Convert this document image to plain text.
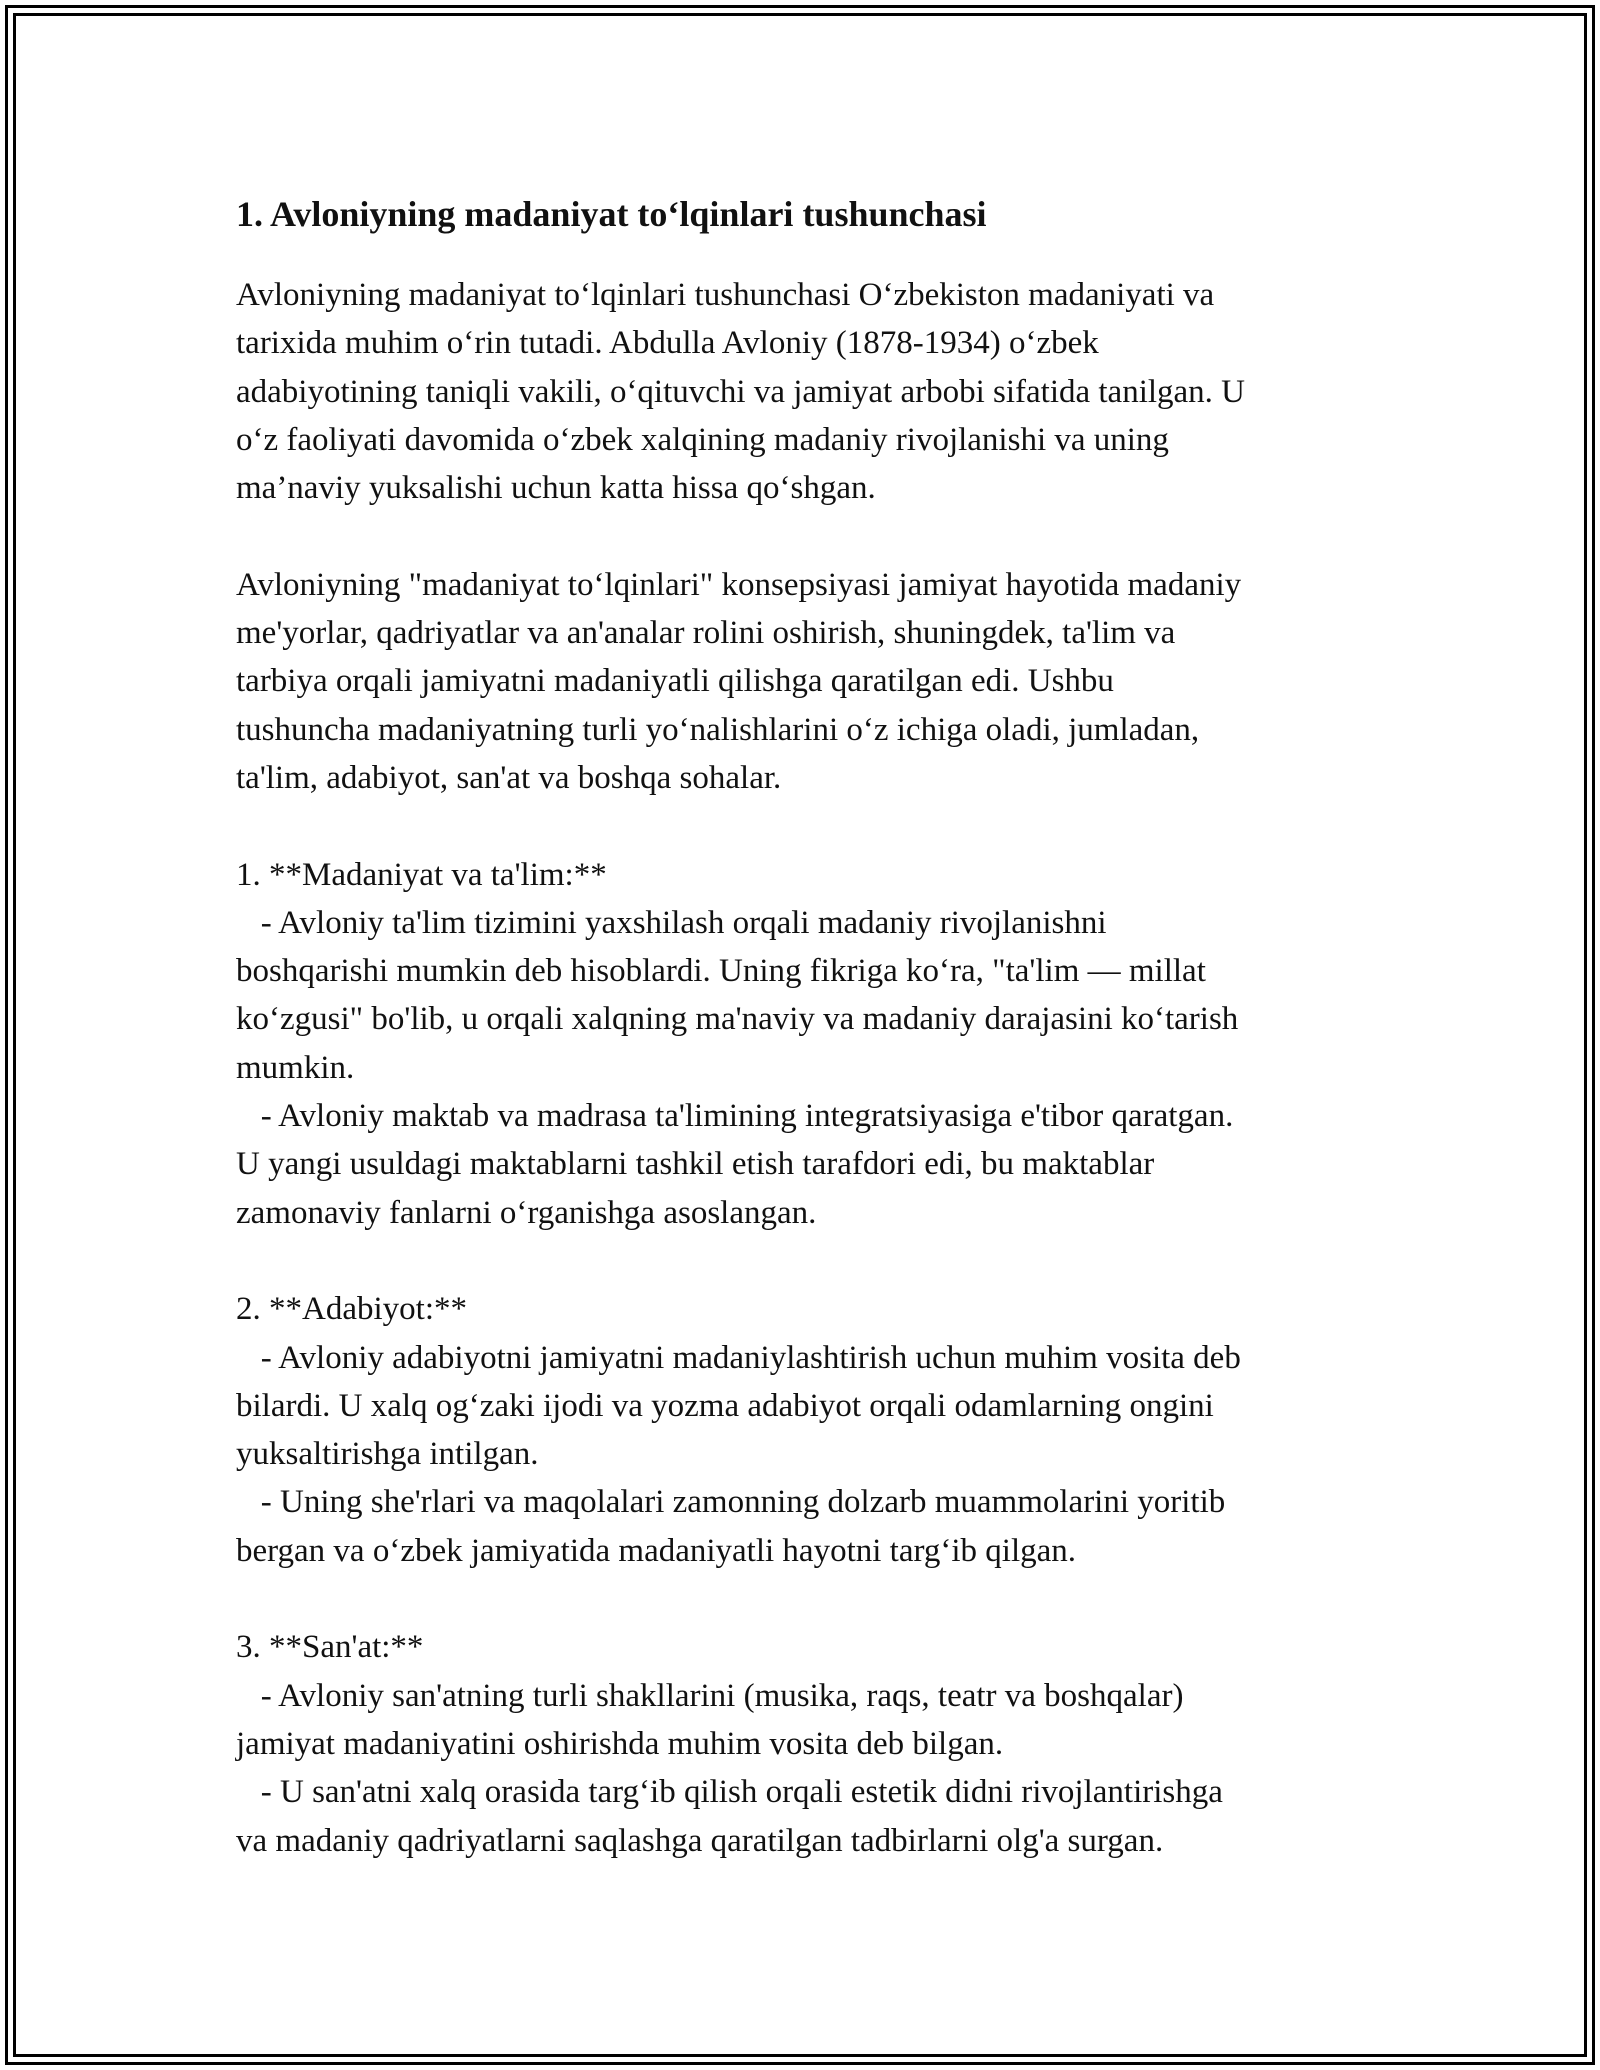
1. Avloniyning madaniyat to‘lqinlari tushunchasi
Avloniyning madaniyat to‘lqinlari tushunchasi O‘zbekiston madaniyati va
tarixida muhim o‘rin tutadi. Abdulla Avloniy (1878-1934) o‘zbek
adabiyotining taniqli vakili, o‘qituvchi va jamiyat arbobi sifatida tanilgan. U
o‘z faoliyati davomida o‘zbek xalqining madaniy rivojlanishi va uning
ma’naviy yuksalishi uchun katta hissa qo‘shgan.
Avloniyning "madaniyat to‘lqinlari" konsepsiyasi jamiyat hayotida madaniy
me'yorlar, qadriyatlar va an'analar rolini oshirish, shuningdek, ta'lim va
tarbiya orqali jamiyatni madaniyatli qilishga qaratilgan edi. Ushbu
tushuncha madaniyatning turli yo‘nalishlarini o‘z ichiga oladi, jumladan,
ta'lim, adabiyot, san'at va boshqa sohalar.
1. **Madaniyat va ta'lim:**
- Avloniy ta'lim tizimini yaxshilash orqali madaniy rivojlanishni
boshqarishi mumkin deb hisoblardi. Uning fikriga ko‘ra, "ta'lim — millat
ko‘zgusi" bo'lib, u orqali xalqning ma'naviy va madaniy darajasini ko‘tarish
mumkin.
- Avloniy maktab va madrasa ta'limining integratsiyasiga e'tibor qaratgan.
U yangi usuldagi maktablarni tashkil etish tarafdori edi, bu maktablar
zamonaviy fanlarni o‘rganishga asoslangan.
2. **Adabiyot:**
- Avloniy adabiyotni jamiyatni madaniylashtirish uchun muhim vosita deb
bilardi. U xalq og‘zaki ijodi va yozma adabiyot orqali odamlarning ongini
yuksaltirishga intilgan.
- Uning she'rlari va maqolalari zamonning dolzarb muammolarini yoritib
bergan va o‘zbek jamiyatida madaniyatli hayotni targ‘ib qilgan.
3. **San'at:**
- Avloniy san'atning turli shakllarini (musika, raqs, teatr va boshqalar)
jamiyat madaniyatini oshirishda muhim vosita deb bilgan.
- U san'atni xalq orasida targ‘ib qilish orqali estetik didni rivojlantirishga
va madaniy qadriyatlarni saqlashga qaratilgan tadbirlarni olg'a surgan.
